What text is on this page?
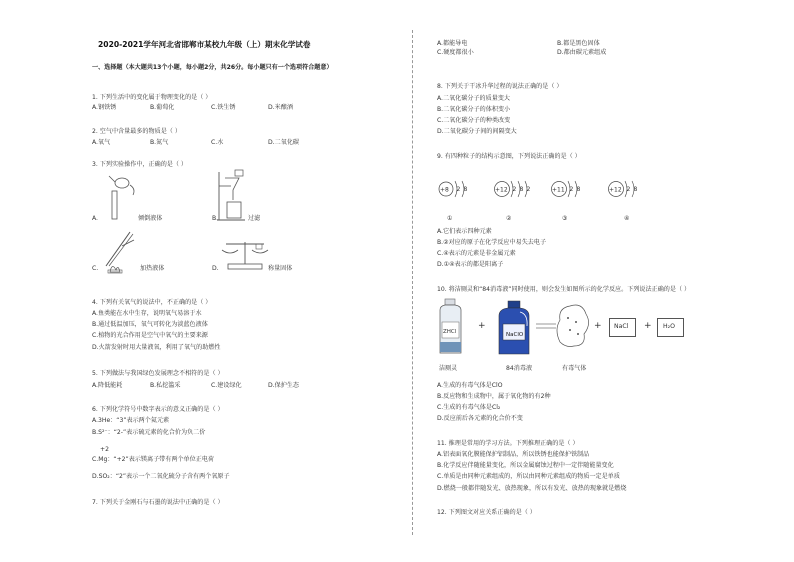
2020-2021学年河北省邯郸市某校九年级（上）期末化学试卷
一、选择题（本大题共13个小题，每小题2分，共26分。每小题只有一个选项符合题意）
1. 下列生活中的变化属于物理变化的是（ ）
A.钢铁锈	B.葡萄化	C.铁生锈	D.米酿酒
2. 空气中含量最多的物质是（ ）
A.氧气	B.氮气	C.水	D.二氧化碳
3. 下列实验操作中，正确的是（ ）
A.	倾倒液体	B.	过滤
C.	加热液体	D.	称量固体
4. 下列有关氧气的说法中，不正确的是（ ）
A.鱼类能在水中生存，说明氧气易溶于水
B.通过低温加压，氧气可转化为淡蓝色液体
C.植物的光合作用是空气中氧气的主要来源
D.火箭发射时用大量液氧，利用了氧气的助燃性
5. 下列做法与我国绿色发展理念不相符的是（ ）
A.降低能耗	B.私挖滥采	C.建设绿化	D.保护生态
6. 下列化学符号中数字表示的意义正确的是（ ）
A.3He：“3”表示两个氦元素
B.S²⁻：“2-”表示硫元素的化合价为负二价
+2
C.Mg：“+2”表示镁离子带有两个单位正电荷
D.SO₂：“2”表示一个二氧化硫分子含有两个氧原子
7. 下列关于金刚石与石墨的说法中正确的是（ ）
A.都能导电	B.都是黑色固体
C.硬度都很小	D.都由碳元素组成
8. 下列关于干冰升华过程的说法正确的是（ ）
A.二氧化碳分子的质量变大
B.二氧化碳分子的体积变小
C.二氧化碳分子的种类改变
D.二氧化碳分子间的间隔变大
9. 有四种粒子的结构示意图，下列说法正确的是（ ）
+8 2 8
①
+12 2 8 2
②
+11 2 8
③
+12 2 8
④
A.它们表示四种元素
B.②对应的原子在化学反应中易失去电子
C.④表示的元素是非金属元素
D.①④表示的都是阳离子
10. 将洁厕灵和“84消毒液”同时使用，则会发生如图所示的化学反应。下列说法正确的是（ ）
ZHCl
+
NaClO
+ NaCl + H₂O
洁厕灵	84消毒液	有毒气体
A.生成的有毒气体是ClO
B.反应物和生成物中，属于氧化物的有2种
C.生成的有毒气体是Cl₂
D.反应前后各元素的化合价不变
11. 推理是常用的学习方法。下列推理正确的是（ ）
A.铝表面氧化膜能保护铝制品，所以铁锈也能保护铁制品
B.化学反应伴随能量变化，所以金属腐蚀过程中一定伴随能量变化
C.单质是由同种元素组成的，所以由同种元素组成的物质一定是单质
D.燃烧一般都伴随发光、放热现象，所以有发光、放热的现象就是燃烧
12. 下列图文对应关系正确的是（ ）
